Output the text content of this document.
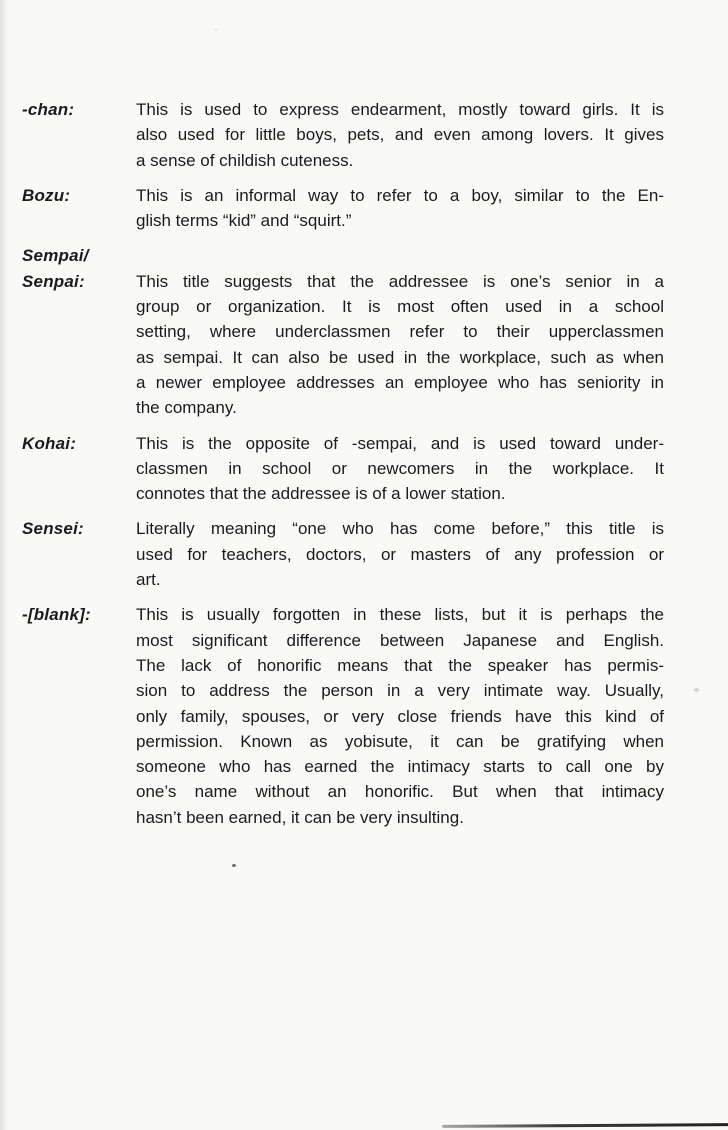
-chan:	This is used to express endearment, mostly toward girls. It is
also used for little boys, pets, and even among lovers. It gives
a sense of childish cuteness.
Bozu:	This is an informal way to refer to a boy, similar to the En-
glish terms “kid” and “squirt.”
Sempai/
Senpai:	This title suggests that the addressee is one’s senior in a
group or organization. It is most often used in a school
setting, where underclassmen refer to their upperclassmen
as sempai. It can also be used in the workplace, such as when
a newer employee addresses an employee who has seniority in
the company.
Kohai:	This is the opposite of -sempai, and is used toward under-
classmen in school or newcomers in the workplace. It
connotes that the addressee is of a lower station.
Sensei:	Literally meaning “one who has come before,” this title is
used for teachers, doctors, or masters of any profession or
art.
-[blank]:	This is usually forgotten in these lists, but it is perhaps the
most significant difference between Japanese and English.
The lack of honorific means that the speaker has permis-
sion to address the person in a very intimate way. Usually,
only family, spouses, or very close friends have this kind of
permission. Known as yobisute, it can be gratifying when
someone who has earned the intimacy starts to call one by
one’s name without an honorific. But when that intimacy
hasn’t been earned, it can be very insulting.
